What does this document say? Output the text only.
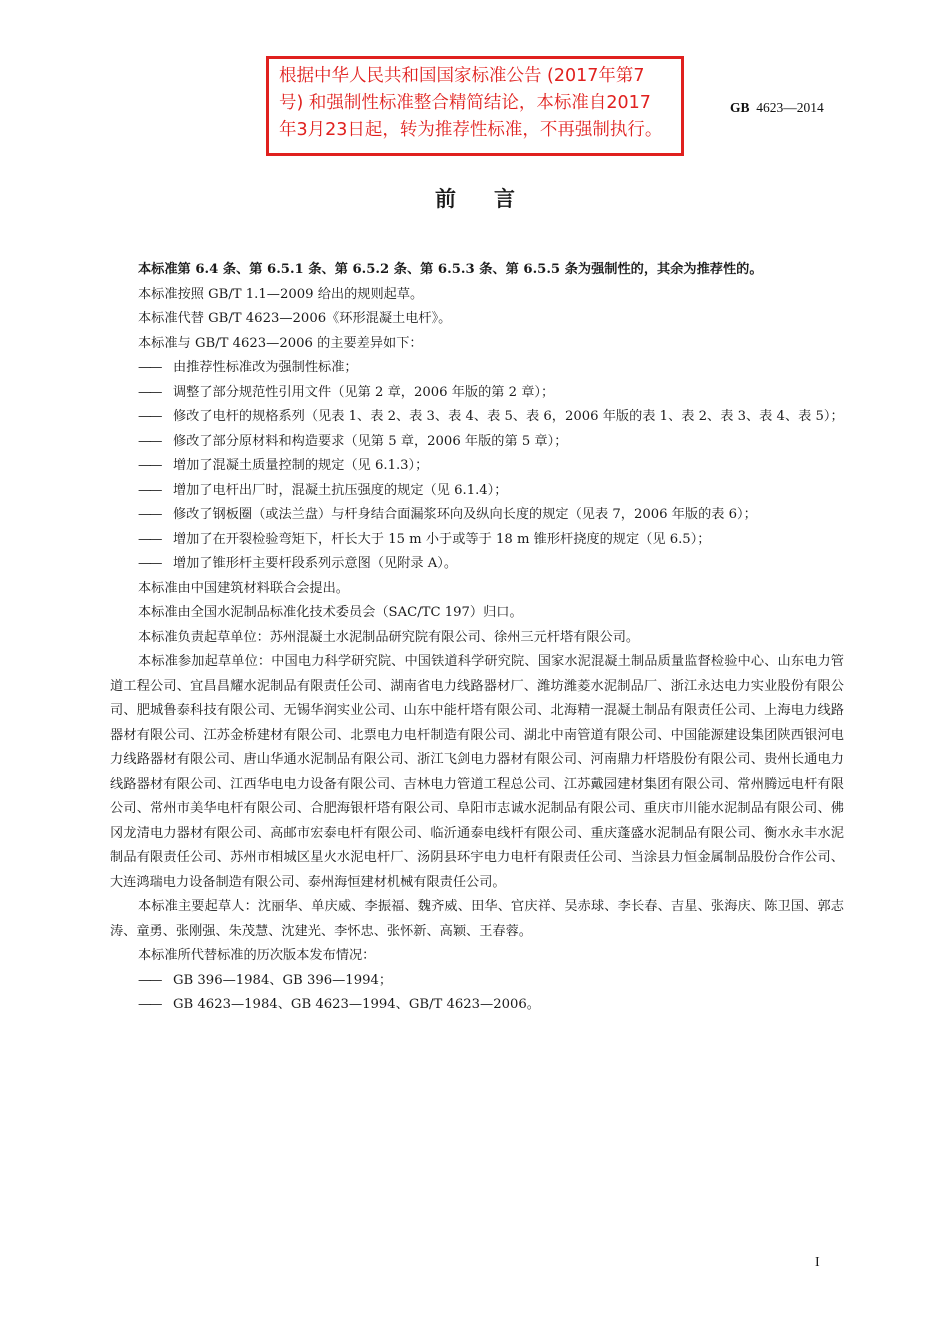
根据中华人民共和国国家标准公告 (2017年第7
号) 和强制性标准整合精简结论，本标准自2017
年3月23日起，转为推荐性标准，不再强制执行。
GB 4623—2014
前言

本标准第 6.4 条、第 6.5.1 条、第 6.5.2 条、第 6.5.3 条、第 6.5.5 条为强制性的，其余为推荐性的。

本标准按照 GB/T 1.1—2009 给出的规则起草。

本标准代替 GB/T 4623—2006《环形混凝土电杆》。

本标准与 GB/T 4623—2006 的主要差异如下：

—— 由推荐性标准改为强制性标准；

—— 调整了部分规范性引用文件（见第 2 章，2006 年版的第 2 章）；

—— 修改了电杆的规格系列（见表 1、表 2、表 3、表 4、表 5、表 6，2006 年版的表 1、表 2、表 3、表 4、表 5）；

—— 修改了部分原材料和构造要求（见第 5 章，2006 年版的第 5 章）；

—— 增加了混凝土质量控制的规定（见 6.1.3）；

—— 增加了电杆出厂时，混凝土抗压强度的规定（见 6.1.4）；

—— 修改了钢板圈（或法兰盘）与杆身结合面漏浆环向及纵向长度的规定（见表 7，2006 年版的表 6）；

—— 增加了在开裂检验弯矩下，杆长大于 15 m 小于或等于 18 m 锥形杆挠度的规定（见 6.5）；

—— 增加了锥形杆主要杆段系列示意图（见附录 A）。

本标准由中国建筑材料联合会提出。

本标准由全国水泥制品标准化技术委员会（SAC/TC 197）归口。

本标准负责起草单位：苏州混凝土水泥制品研究院有限公司、徐州三元杆塔有限公司。

本标准参加起草单位：中国电力科学研究院、中国铁道科学研究院、国家水泥混凝土制品质量监督检验中心、山东电力管道工程公司、宜昌昌耀水泥制品有限责任公司、湖南省电力线路器材厂、潍坊潍菱水泥制品厂、浙江永达电力实业股份有限公司、肥城鲁泰科技有限公司、无锡华润实业公司、山东中能杆塔有限公司、北海精一混凝土制品有限责任公司、上海电力线路器材有限公司、江苏金桥建材有限公司、北票电力电杆制造有限公司、湖北中南管道有限公司、中国能源建设集团陕西银河电力线路器材有限公司、唐山华通水泥制品有限公司、浙江飞剑电力器材有限公司、河南鼎力杆塔股份有限公司、贵州长通电力线路器材有限公司、江西华电电力设备有限公司、吉林电力管道工程总公司、江苏戴园建材集团有限公司、常州腾远电杆有限公司、常州市美华电杆有限公司、合肥海银杆塔有限公司、阜阳市志诚水泥制品有限公司、重庆市川能水泥制品有限公司、佛冈龙清电力器材有限公司、高邮市宏泰电杆有限公司、临沂通泰电线杆有限公司、重庆蓬盛水泥制品有限公司、衡水永丰水泥制品有限责任公司、苏州市相城区星火水泥电杆厂、汤阴县环宇电力电杆有限责任公司、当涂县力恒金属制品股份合作公司、大连鸿瑞电力设备制造有限公司、泰州海恒建材机械有限责任公司。

本标准主要起草人：沈丽华、单庆威、李振福、魏齐威、田华、官庆祥、吴赤球、李长春、吉星、张海庆、陈卫国、郭志涛、童勇、张刚强、朱茂慧、沈建光、李怀忠、张怀新、高颖、王春蓉。

本标准所代替标准的历次版本发布情况：

—— GB 396—1984、GB 396—1994；

—— GB 4623—1984、GB 4623—1994、GB/T 4623—2006。

I
